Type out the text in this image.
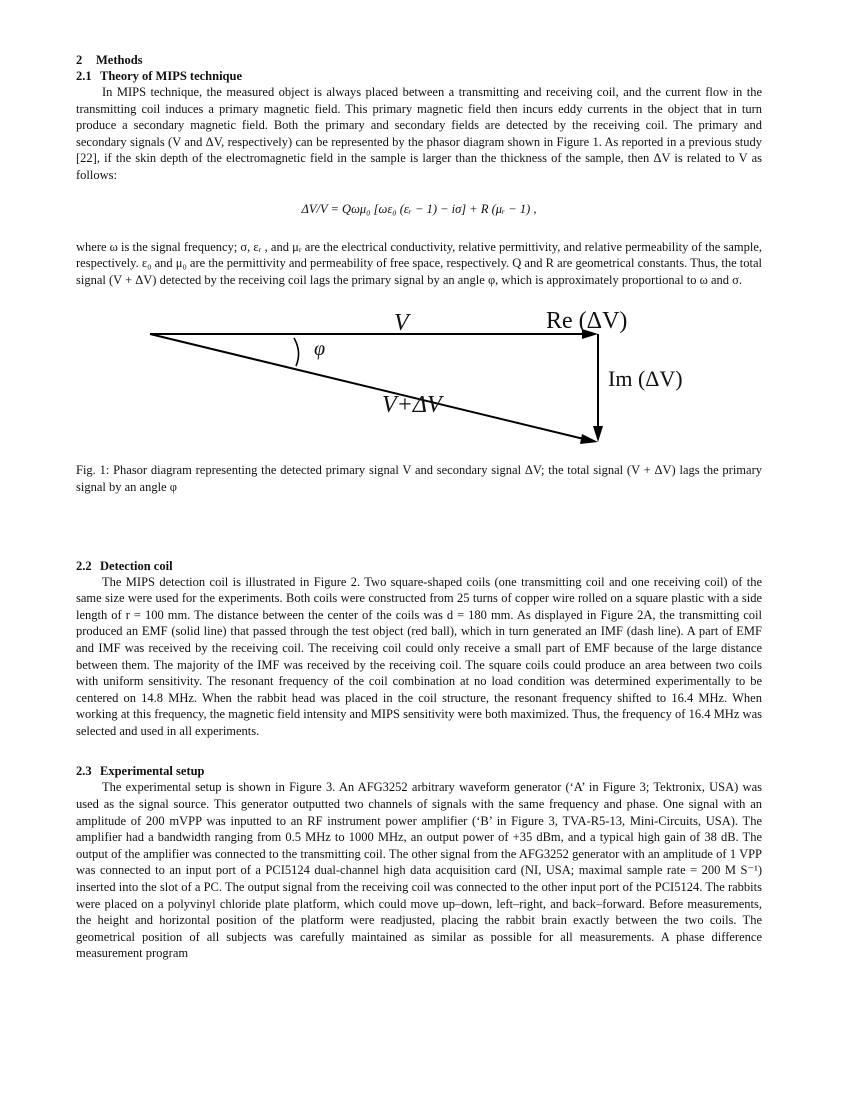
2 Methods
2.1 Theory of MIPS technique

In MIPS technique, the measured object is always placed between a transmitting and receiving coil, and the current flow in the transmitting coil induces a primary magnetic field. This primary magnetic field then incurs eddy currents in the object that in turn produce a secondary magnetic field. Both the primary and secondary fields are detected by the receiving coil. The primary and secondary signals (V and ΔV, respectively) can be represented by the phasor diagram shown in Figure 1. As reported in a previous study [22], if the skin depth of the electromagnetic field in the sample is larger than the thickness of the sample, then ΔV is related to V as follows:

ΔV/V = Qωμ₀ [ωε₀ (εᵣ − 1) − iσ] + R (μᵣ − 1) ,

where ω is the signal frequency; σ, εᵣ , and μᵣ are the electrical conductivity, relative permittivity, and relative permeability of the sample, respectively. ε₀ and μ₀ are the permittivity and permeability of free space, respectively. Q and R are geometrical constants. Thus, the total signal (V + ΔV) detected by the receiving coil lags the primary signal by an angle φ, which is approximately proportional to ω and σ.

V	Re (ΔV)
Im (ΔV)
V+ΔV
φ
Fig. 1: Phasor diagram representing the detected primary signal V and secondary signal ΔV; the total signal (V + ΔV) lags the primary signal by an angle φ
2.2 Detection coil

The MIPS detection coil is illustrated in Figure 2. Two square-shaped coils (one transmitting coil and one receiving coil) of the same size were used for the experiments. Both coils were constructed from 25 turns of copper wire rolled on a square plastic with a side length of r = 100 mm. The distance between the center of the coils was d = 180 mm. As displayed in Figure 2A, the transmitting coil produced an EMF (solid line) that passed through the test object (red ball), which in turn generated an IMF (dash line). A part of EMF and IMF was received by the receiving coil. The receiving coil could only receive a small part of EMF because of the large distance between them. The majority of the IMF was received by the receiving coil. The square coils could produce an area between two coils with uniform sensitivity. The resonant frequency of the coil combination at no load condition was determined experimentally to be centered on 14.8 MHz. When the rabbit head was placed in the coil structure, the resonant frequency shifted to 16.4 MHz. When working at this frequency, the magnetic field intensity and MIPS sensitivity were both maximized. Thus, the frequency of 16.4 MHz was selected and used in all experiments.

2.3 Experimental setup

The experimental setup is shown in Figure 3. An AFG3252 arbitrary waveform generator (‘A’ in Figure 3; Tektronix, USA) was used as the signal source. This generator outputted two channels of signals with the same frequency and phase. One signal with an amplitude of 200 mVPP was inputted to an RF instrument power amplifier (‘B’ in Figure 3, TVA-R5-13, Mini-Circuits, USA). The amplifier had a bandwidth ranging from 0.5 MHz to 1000 MHz, an output power of +35 dBm, and a typical high gain of 38 dB. The output of the amplifier was connected to the transmitting coil. The other signal from the AFG3252 generator with an amplitude of 1 VPP was connected to an input port of a PCI5124 dual-channel high data acquisition card (NI, USA; maximal sample rate = 200 M S⁻¹) inserted into the slot of a PC. The output signal from the receiving coil was connected to the other input port of the PCI5124. The rabbits were placed on a polyvinyl chloride plate platform, which could move up–down, left–right, and back–forward. Before measurements, the height and horizontal position of the platform were readjusted, placing the rabbit brain exactly between the two coils. The geometrical position of all subjects was carefully maintained as similar as possible for all measurements. A phase difference measurement program
